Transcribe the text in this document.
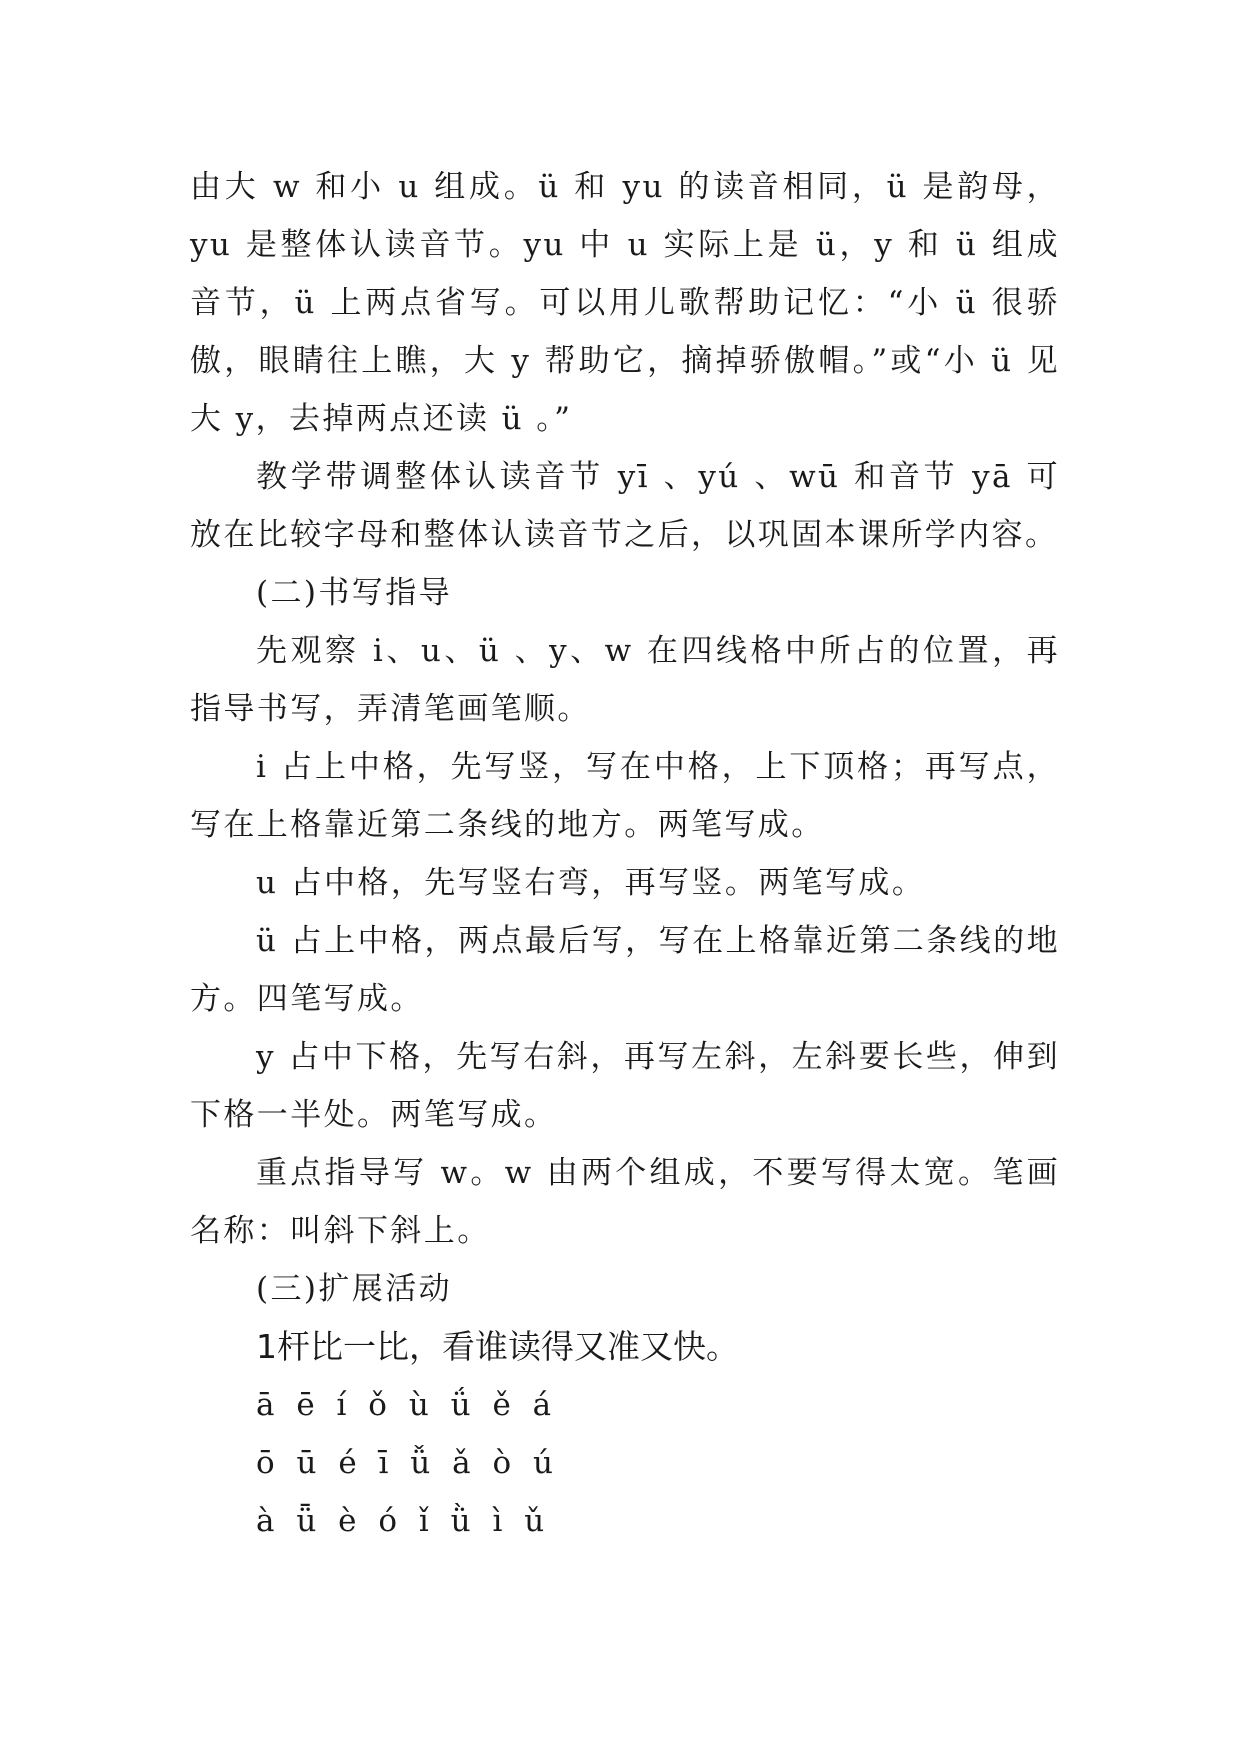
由大 w 和小 u 组成。ü 和 yu 的读音相同，ü 是韵母，yu 是整体认读音节。yu 中 u 实际上是 ü，y 和 ü 组成音节，ü 上两点省写。可以用儿歌帮助记忆：“小 ü 很骄傲，眼睛往上瞧，大 y 帮助它，摘掉骄傲帽。”或“小 ü 见大 y，去掉两点还读 ü 。”

教学带调整体认读音节 yī 、yú 、wū 和音节 yā 可放在比较字母和整体认读音节之后，以巩固本课所学内容。

(二)书写指导

先观察 i、u、ü 、y、w 在四线格中所占的位置，再指导书写，弄清笔画笔顺。

i 占上中格，先写竖，写在中格，上下顶格；再写点，写在上格靠近第二条线的地方。两笔写成。

u 占中格，先写竖右弯，再写竖。两笔写成。

ü 占上中格，两点最后写，写在上格靠近第二条线的地方。四笔写成。

y 占中下格，先写右斜，再写左斜，左斜要长些，伸到下格一半处。两笔写成。

重点指导写 w。w 由两个组成，不要写得太宽。笔画名称：叫斜下斜上。

(三)扩展活动

1杆比一比，看谁读得又准又快。

ā ē í ǒ ù ǘ ě á

ō ū é ī ǚ ǎ ò ú

à ǖ è ó ǐ ǜ ì ǔ
